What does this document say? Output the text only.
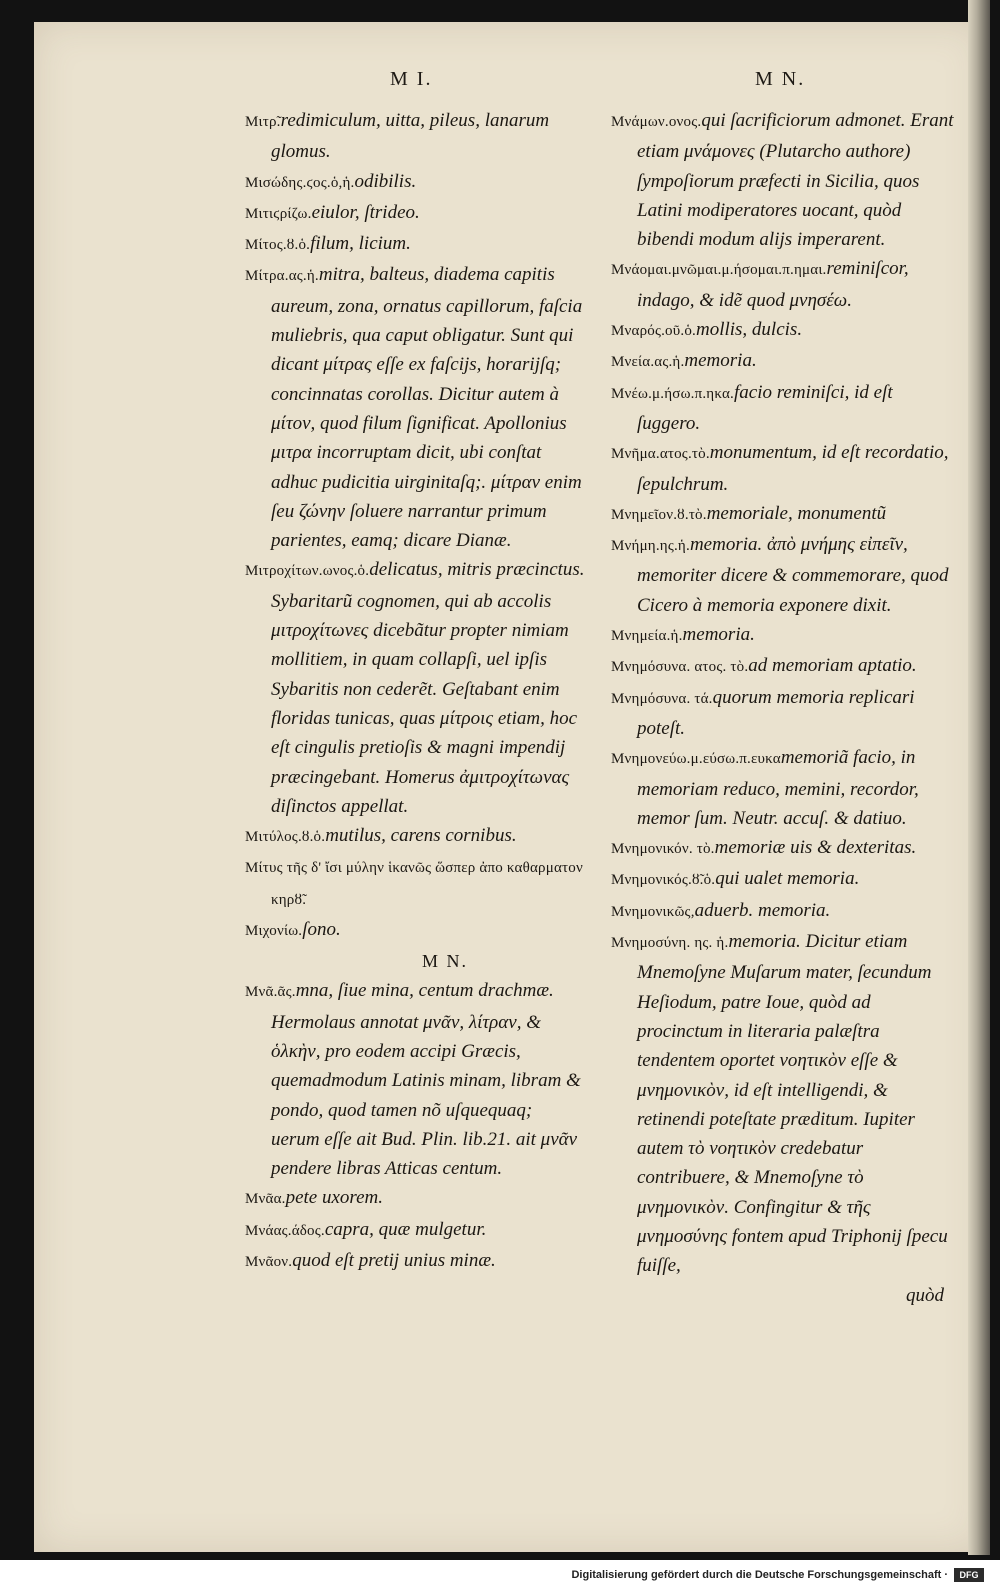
M I.	M N.

Μιτρ̃.redimiculum, uitta, pileus, lanarum glomus.

Μισώδης.ϛος.ὁ,ἡ.odibilis.

Μιτιϛρίζω.eiulor, ſtrideo.

Μίτος.ȣ.ὁ.filum, licium.

Μίτρα.ας.ἡ.mitra, balteus, diadema capitis aureum, zona, ornatus capillorum, faſcia muliebris, qua caput obligatur. Sunt qui dicant μίτρας eſſe ex faſcijs, horarijſq; concinnatas corollas. Dicitur autem à μίτον, quod filum ſignificat. Apollonius μιτρα incorruptam dicit, ubi conſtat adhuc pudicitia uirginitaſq;. μίτραν enim ſeu ζώνην ſoluere narrantur primum parientes, eamq; dicare Dianæ.

Μιτροχίτων.ωνος.ὁ.delicatus, mitris præcinctus. Sybaritarũ cognomen, qui ab accolis μιτροχίτωνες dicebãtur propter nimiam mollitiem, in quam collapſi, uel ipſis Sybaritis non cederẽt. Geſtabant enim floridas tunicas, quas μίτροις etiam, hoc eſt cingulis pretioſis & magni impendij præcingebant. Homerus ἀμιτροχίτωνας diſinctos appellat.

Μιτύλος.ȣ.ὁ.mutilus, carens cornibus.

Μίτυς τῆς δ' ἴσι μύλην ἱκανῶς ὥσπερ ἀπο καθαρματον κηρȣ̃.

Μιχονίω.ſono.

M N.

Μνᾶ.ᾶς.mna, ſiue mina, centum drachmæ. Hermolaus annotat μνᾶν, λίτραν, & ὁλκὴν, pro eodem accipi Græcis, quemadmodum Latinis minam, libram & pondo, quod tamen nõ uſquequaq; uerum eſſe ait Bud. Plin. lib.21. ait μνᾶν pendere libras Atticas centum.

Μνᾶα.pete uxorem.

Μνάας.άδος.capra, quæ mulgetur.

Μνᾶον.quod eſt pretij unius minæ.

Μνάμων.ονος.qui ſacrificiorum admonet. Erant etiam μνάμονες (Plutarcho authore) ſympoſiorum præfecti in Sicilia, quos Latini modiperatores uocant, quòd bibendi modum alijs imperarent.

Μνάομαι.μνῶμαι.μ.ήσομαι.π.ημαι.reminiſcor, indago, & idẽ quod μνησέω.

Μναρός.οῦ.ὁ.mollis, dulcis.

Μνεία.ας.ἡ.memoria.

Μνέω.μ.ήσω.π.ηκα.facio reminiſci, id eſt ſuggero.

Μνῆμα.ατος.τὸ.monumentum, id eſt recordatio, ſepulchrum.

Μνημεῖον.ȣ.τὸ.memoriale, monumentũ

Μνήμη.ης.ἡ.memoria. ἀπὸ μνήμης εἰπεῖν, memoriter dicere & commemorare, quod Cicero à memoria exponere dixit.

Μνημεία.ἡ.memoria.

Μνημόσυνα. ατος. τὸ.ad memoriam aptatio.

Μνημόσυνα. τά.quorum memoria replicari poteſt.

Μνημονεύω.μ.εύσω.π.ευκαmemoriã facio, in memoriam reduco, memini, recordor, memor ſum. Neutr. accuſ. & datiuo.

Μνημονικόν. τὸ.memoriæ uis & dexteritas.

Μνημονικός.ȣ̃.ὁ.qui ualet memoria.

Μνημονικῶς,aduerb. memoria.

Μνημοσύνη. ης. ἡ.memoria. Dicitur etiam Mnemoſyne Muſarum mater, ſecundum Heſiodum, patre Ioue, quòd ad procinctum in literaria palæſtra tendentem oportet νοητικὸν eſſe & μνημονικὸν, id eſt intelligendi, & retinendi poteſtate præditum. Iupiter autem τὸ νοητικὸν credebatur contribuere, & Mnemoſyne τὸ μνημονικὸν. Confingitur & τῆς μνημοσύνης fontem apud Triphonij ſpecu fuiſſe,

quòd

Digitalisierung gefördert durch die Deutsche Forschungsgemeinschaft ·	DFG
